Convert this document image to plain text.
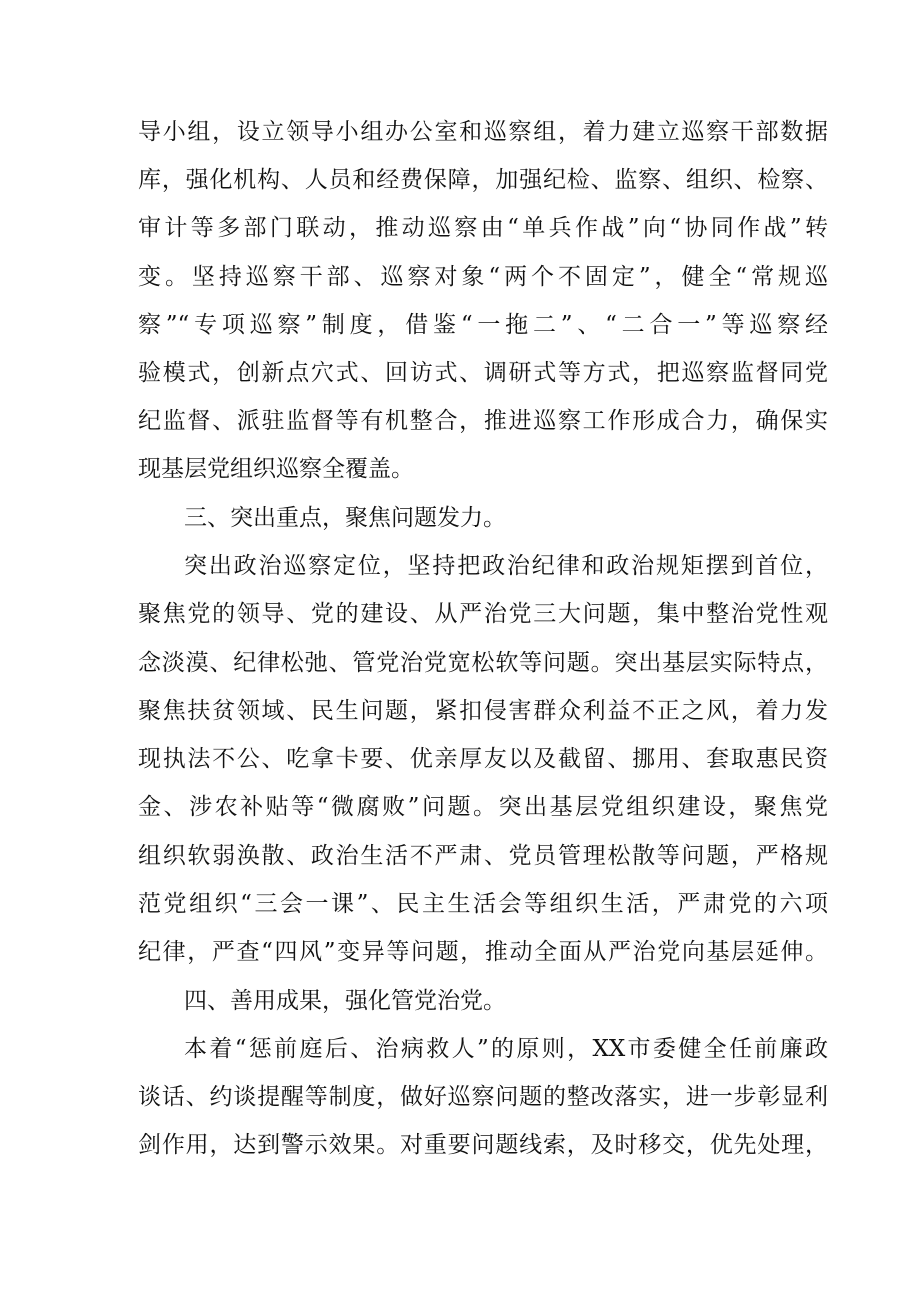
导小组，设立领导小组办公室和巡察组，着力建立巡察干部数据
库，强化机构、人员和经费保障，加强纪检、监察、组织、检察、
审计等多部门联动，推动巡察由“单兵作战”向“协同作战”转
变。坚持巡察干部、巡察对象“两个不固定”，健全“常规巡
察”“专项巡察”制度，借鉴“一拖二”、“二合一”等巡察经
验模式，创新点穴式、回访式、调研式等方式，把巡察监督同党
纪监督、派驻监督等有机整合，推进巡察工作形成合力，确保实
现基层党组织巡察全覆盖。
三、突出重点，聚焦问题发力。
突出政治巡察定位，坚持把政治纪律和政治规矩摆到首位，
聚焦党的领导、党的建设、从严治党三大问题，集中整治党性观
念淡漠、纪律松弛、管党治党宽松软等问题。突出基层实际特点，
聚焦扶贫领域、民生问题，紧扣侵害群众利益不正之风，着力发
现执法不公、吃拿卡要、优亲厚友以及截留、挪用、套取惠民资
金、涉农补贴等“微腐败”问题。突出基层党组织建设，聚焦党
组织软弱涣散、政治生活不严肃、党员管理松散等问题，严格规
范党组织“三会一课”、民主生活会等组织生活，严肃党的六项
纪律，严查“四风”变异等问题，推动全面从严治党向基层延伸。
四、善用成果，强化管党治党。
本着“惩前庭后、治病救人”的原则，XX市委健全任前廉政
谈话、约谈提醒等制度，做好巡察问题的整改落实，进一步彰显利
剑作用，达到警示效果。对重要问题线索，及时移交，优先处理，
